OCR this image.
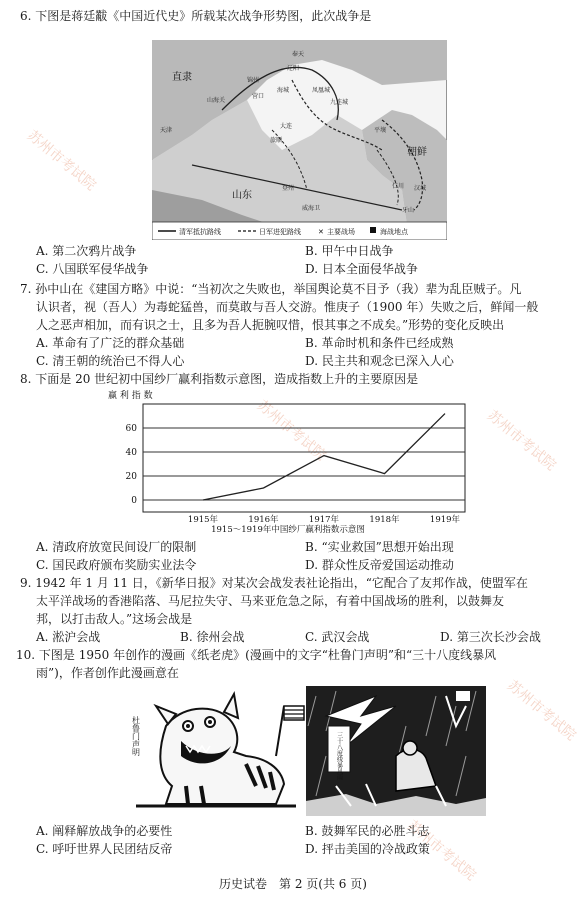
苏州市考试院
苏州市考试院	苏州市考试院
苏州市考试院
苏州市考试院
6. 下图是蒋廷黻《中国近代史》所载某次战争形势图，此次战争是
直隶
山东
朝鲜
天津
山海关
锦州
营口
海城
辽阳
奉天
凤凰城
大连
旅顺
九连城
平壤
汉城
仁川
牙山
威海卫
登州
清军抵抗路线	日军进犯路线 ✕ 主要战场	海战地点
A. 第二次鸦片战争	B. 甲午中日战争
C. 八国联军侵华战争	D. 日本全面侵华战争
7. 孙中山在《建国方略》中说：“当初次之失败也，举国舆论莫不目予（我）辈为乱臣贼子。凡
认识者，视（吾人）为毒蛇猛兽，而莫敢与吾人交游。惟庚子（1900 年）失败之后，鲜闻一般
人之恶声相加，而有识之士，且多为吾人扼腕叹惜，恨其事之不成矣。”形势的变化反映出
A. 革命有了广泛的群众基础	B. 革命时机和条件已经成熟
C. 清王朝的统治已不得人心	D. 民主共和观念已深入人心
8. 下面是 20 世纪初中国纱厂赢利指数示意图，造成指数上升的主要原因是
赢 利 指 数
0
20
40
60
1915年	1916年	1917年	1918年	1919年
1915～1919年中国纱厂赢利指数示意图
A. 清政府放宽民间设厂的限制	B. “实业救国”思想开始出现
C. 国民政府颁布奖励实业法令	D. 群众性反帝爱国运动推动
9. 1942 年 1 月 11 日，《新华日报》对某次会战发表社论指出，“它配合了友邦作战，使盟军在
太平洋战场的香港陷落、马尼拉失守、马来亚危急之际，有着中国战场的胜利，以鼓舞友
邦，以打击敌人。”这场会战是
A. 淞沪会战	B. 徐州会战	C. 武汉会战	D. 第三次长沙会战
10. 下图是 1950 年创作的漫画《纸老虎》(漫画中的文字“杜鲁门声明”和“三十八度线暴风
雨”)，作者创作此漫画意在
杜鲁门声明	三十八度线暴风雨
A. 阐释解放战争的必要性	B. 鼓舞军民的必胜斗志
C. 呼吁世界人民团结反帝	D. 抨击美国的冷战政策
历史试卷　第 2 页(共 6 页)
